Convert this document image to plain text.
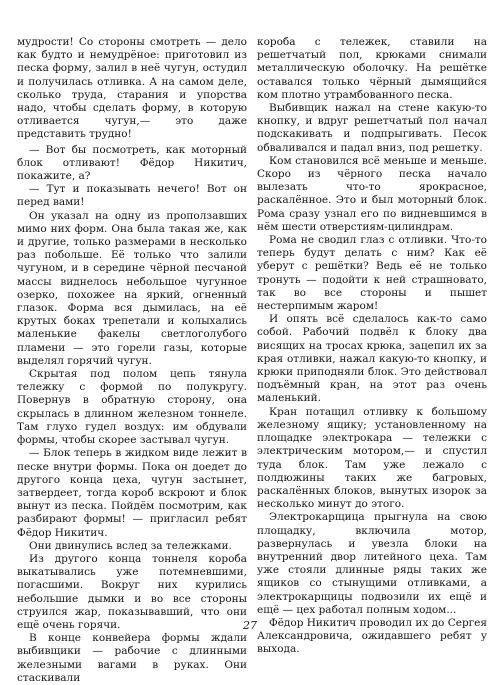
мудрости! Со стороны смотреть — дело как будто и немудрёное: приготовил из песка форму, залил в неё чугун, остудил и получилась отливка. А на самом деле, сколько труда, старания и упорства надо, чтобы сделать форму, в которую отливается чугун,— это даже представить трудно!

— Вот бы посмотреть, как моторный блок отливают! Фёдор Никитич, покажите, а?

— Тут и показывать нечего! Вот он перед вами!

Он указал на одну из проползавших мимо них форм. Она была такая же, как и другие, только размерами в несколько раз побольше. Её только что залили чугуном, и в середине чёрной песчаной массы виднелось небольшое чугунное озерко, похожее на яркий, огненный глазок. Форма вся дымилась, на её крутых боках трепетали и колыхались маленькие факелы светлоголубого пламени — это горели газы, которые выделял горячий чугун.

Скрытая под полом цепь тянула тележку с формой по полукругу. Повернув в обратную сторону, она скрылась в длинном железном тоннеле. Там глухо гудел воздух: им обдували формы, чтобы скорее застывал чугун.

— Блок теперь в жидком виде лежит в песке внутри формы. Пока он доедет до другого конца цеха, чугун застынет, затвердеет, тогда короб вскроют и блок вынут из песка. Пойдём посмотрим, как разбирают формы! — пригласил ребят Фёдор Никитич.

Они двинулись вслед за тележками.

Из другого конца тоннеля короба выкатывались уже потемневшими, погасшими. Вокруг них курились небольшие дымки и во все стороны струился жар, показывавший, что они ещё очень горячи.

В конце конвейера формы ждали выбивщики — рабочие с длинными железными вагами в руках. Они стаскивали

короба с тележек, ставили на решетчатый пол, крюками снимали металлическую оболочку. На решётке оставался только чёрный дымящийся ком плотно утрамбованного песка.

Выбивщик нажал на стене какую-то кнопку, и вдруг решетчатый пол начал подскакивать и подпрыгивать. Песок обваливался и падал вниз, под решетку.

Ком становился всё меньше и меньше. Скоро из чёрного песка начало вылезать что-то ярокрасное, раскалённое. Это и был моторный блок. Рома сразу узнал его по видневшимся в нём шести отверстиям-цилиндрам.

Рома не сводил глаз с отливки. Что-то теперь будут делать с ним? Как её уберут с решётки? Ведь её не только тронуть — подойти к ней страшновато, так во все стороны и пышет нестерпимым жаром!

И опять всё сделалось как-то само собой. Рабочий подвёл к блоку два висящих на тросах крюка, зацепил их за края отливки, нажал какую-то кнопку, и крюки приподняли блок. Это действовал подъёмный кран, на этот раз очень маленький.

Кран потащил отливку к большому железному ящику; установленному на площадке электрокара — тележки с электрическим мотором,— и спустил туда блок. Там уже лежало с полдюжины таких же багровых, раскалённых блоков, вынутых изopок за несколько минут до этого.

Электрокарщица прыгнула на свою площадку, включила мотор, развернулась и увезла блоки на внутренний двор литейного цеха. Там уже стояли длинные ряды таких же ящиков со стынущими отливками, а электрокарщицы подвозили их ещё и ещё — цех работал полным ходом...

Фёдор Никитич проводил их до Сергея Александровича, ожидавшего ребят у выхода.

27
